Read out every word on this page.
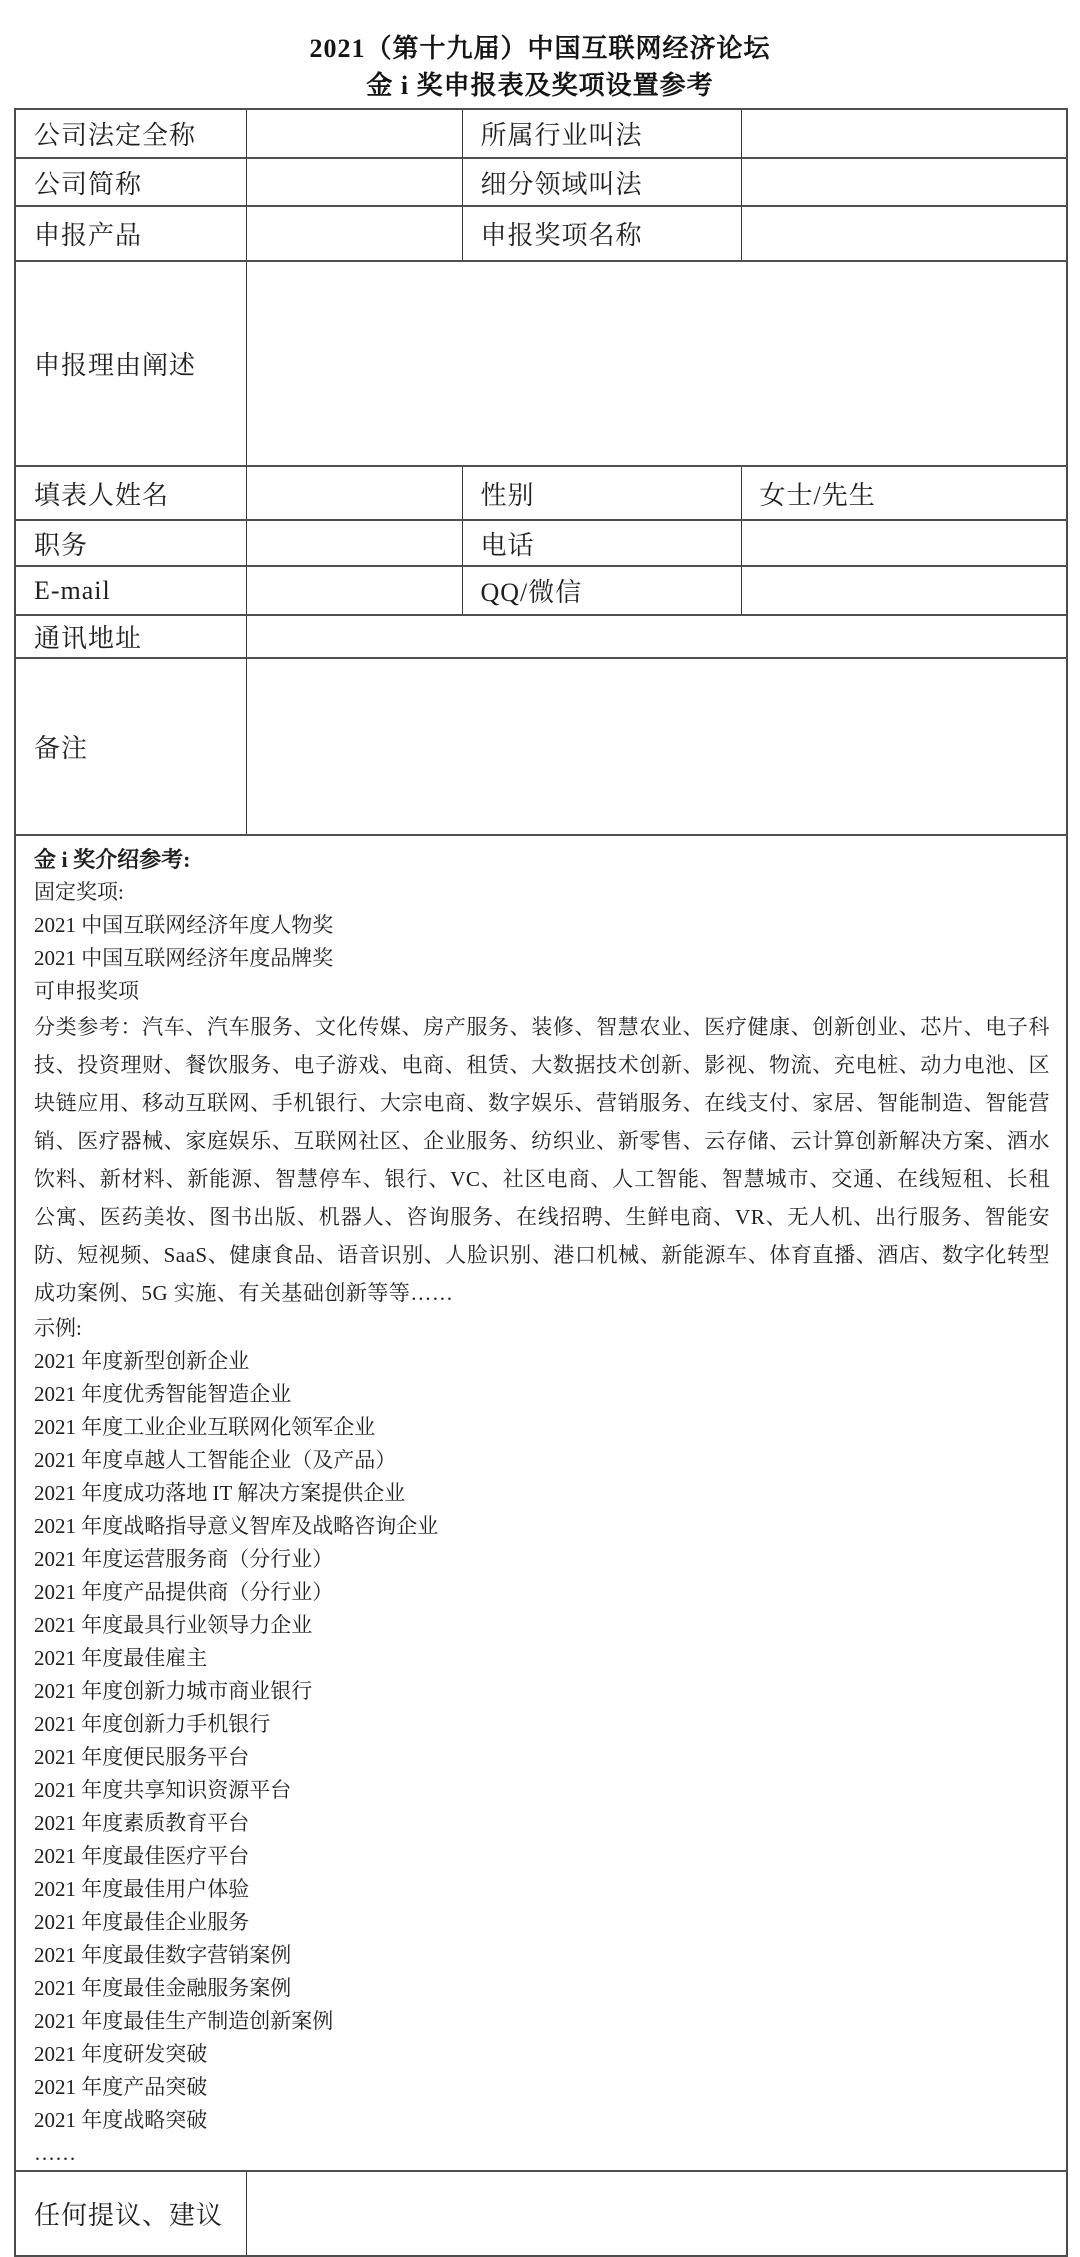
2021（第十九届）中国互联网经济论坛
金 i 奖申报表及奖项设置参考
公司法定全称		所属行业叫法	
公司简称		细分领域叫法	
申报产品		申报奖项名称	
申报理由阐述			
填表人姓名		性别	女士/先生
职务		电话	
E-mail		QQ/微信	
通讯地址			
备注			

金 i 奖介绍参考:
固定奖项:
2021 中国互联网经济年度人物奖
2021 中国互联网经济年度品牌奖
可申报奖项

分类参考：汽车、汽车服务、文化传媒、房产服务、装修、智慧农业、医疗健康、创新创业、芯片、电子科技、投资理财、餐饮服务、电子游戏、电商、租赁、大数据技术创新、影视、物流、充电桩、动力电池、区块链应用、移动互联网、手机银行、大宗电商、数字娱乐、营销服务、在线支付、家居、智能制造、智能营销、医疗器械、家庭娱乐、互联网社区、企业服务、纺织业、新零售、云存储、云计算创新解决方案、酒水饮料、新材料、新能源、智慧停车、银行、VC、社区电商、人工智能、智慧城市、交通、在线短租、长租公寓、医药美妆、图书出版、机器人、咨询服务、在线招聘、生鲜电商、VR、无人机、出行服务、智能安防、短视频、SaaS、健康食品、语音识别、人脸识别、港口机械、新能源车、体育直播、酒店、数字化转型成功案例、5G 实施、有关基础创新等等……

示例:
2021 年度新型创新企业
2021 年度优秀智能智造企业
2021 年度工业企业互联网化领军企业
2021 年度卓越人工智能企业（及产品）
2021 年度成功落地 IT 解决方案提供企业
2021 年度战略指导意义智库及战略咨询企业
2021 年度运营服务商（分行业）
2021 年度产品提供商（分行业）
2021 年度最具行业领导力企业
2021 年度最佳雇主
2021 年度创新力城市商业银行
2021 年度创新力手机银行
2021 年度便民服务平台
2021 年度共享知识资源平台
2021 年度素质教育平台
2021 年度最佳医疗平台
2021 年度最佳用户体验
2021 年度最佳企业服务
2021 年度最佳数字营销案例
2021 年度最佳金融服务案例
2021 年度最佳生产制造创新案例
2021 年度研发突破
2021 年度产品突破
2021 年度战略突破
……

任何提议、建议			
